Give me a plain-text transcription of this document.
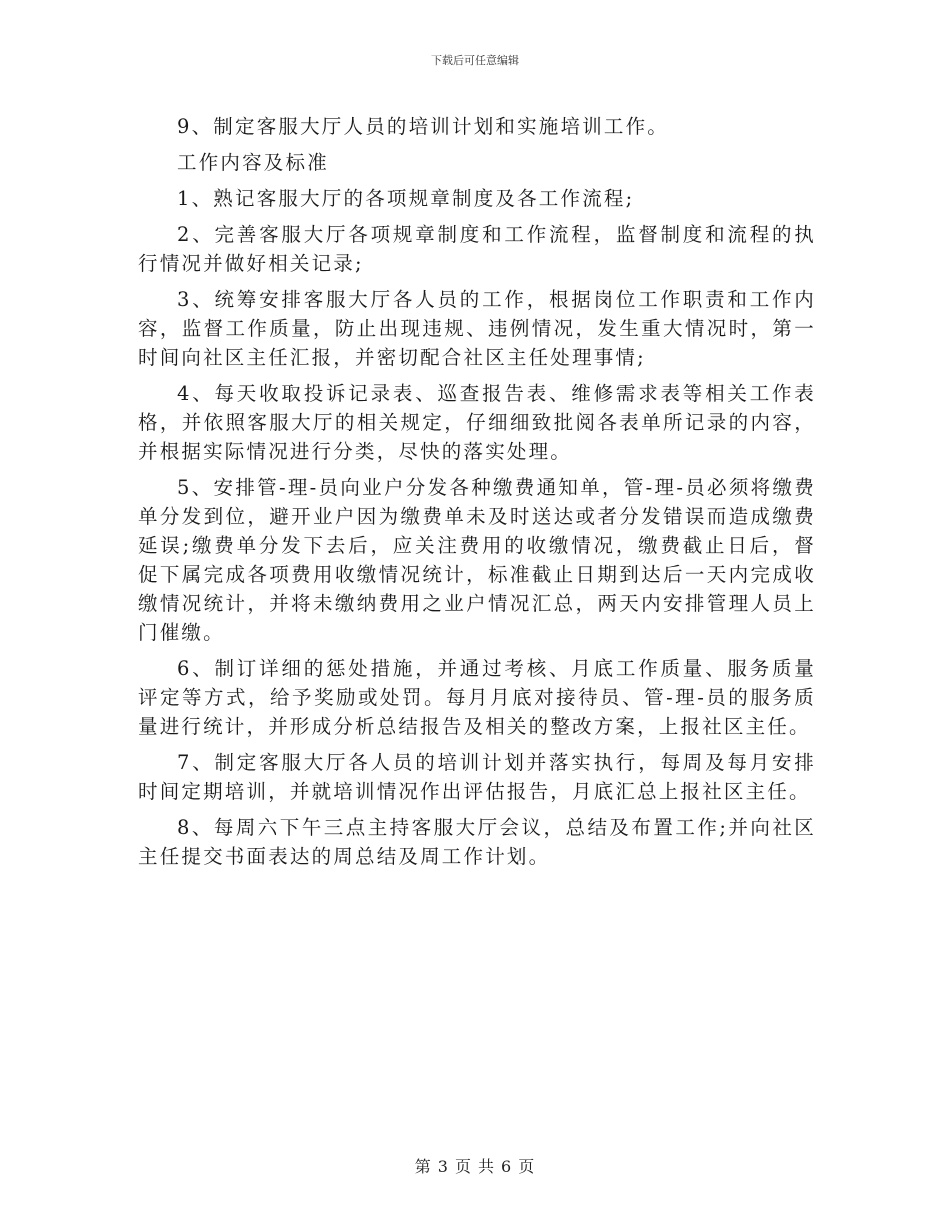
下载后可任意编辑

9、制定客服大厅人员的培训计划和实施培训工作。

工作内容及标准

1、熟记客服大厅的各项规章制度及各工作流程;

2、完善客服大厅各项规章制度和工作流程，监督制度和流程的执行情况并做好相关记录;

3、统筹安排客服大厅各人员的工作，根据岗位工作职责和工作内容，监督工作质量，防止出现违规、违例情况，发生重大情况时，第一时间向社区主任汇报，并密切配合社区主任处理事情;

4、每天收取投诉记录表、巡查报告表、维修需求表等相关工作表格，并依照客服大厅的相关规定，仔细细致批阅各表单所记录的内容，并根据实际情况进行分类，尽快的落实处理。

5、安排管-理-员向业户分发各种缴费通知单，管-理-员必须将缴费单分发到位，避开业户因为缴费单未及时送达或者分发错误而造成缴费延误;缴费单分发下去后，应关注费用的收缴情况，缴费截止日后，督促下属完成各项费用收缴情况统计，标准截止日期到达后一天内完成收缴情况统计，并将未缴纳费用之业户情况汇总，两天内安排管理人员上门催缴。

6、制订详细的惩处措施，并通过考核、月底工作质量、服务质量评定等方式，给予奖励或处罚。每月月底对接待员、管-理-员的服务质量进行统计，并形成分析总结报告及相关的整改方案，上报社区主任。

7、制定客服大厅各人员的培训计划并落实执行，每周及每月安排时间定期培训，并就培训情况作出评估报告，月底汇总上报社区主任。

8、每周六下午三点主持客服大厅会议，总结及布置工作;并向社区主任提交书面表达的周总结及周工作计划。

第 3 页 共 6 页
